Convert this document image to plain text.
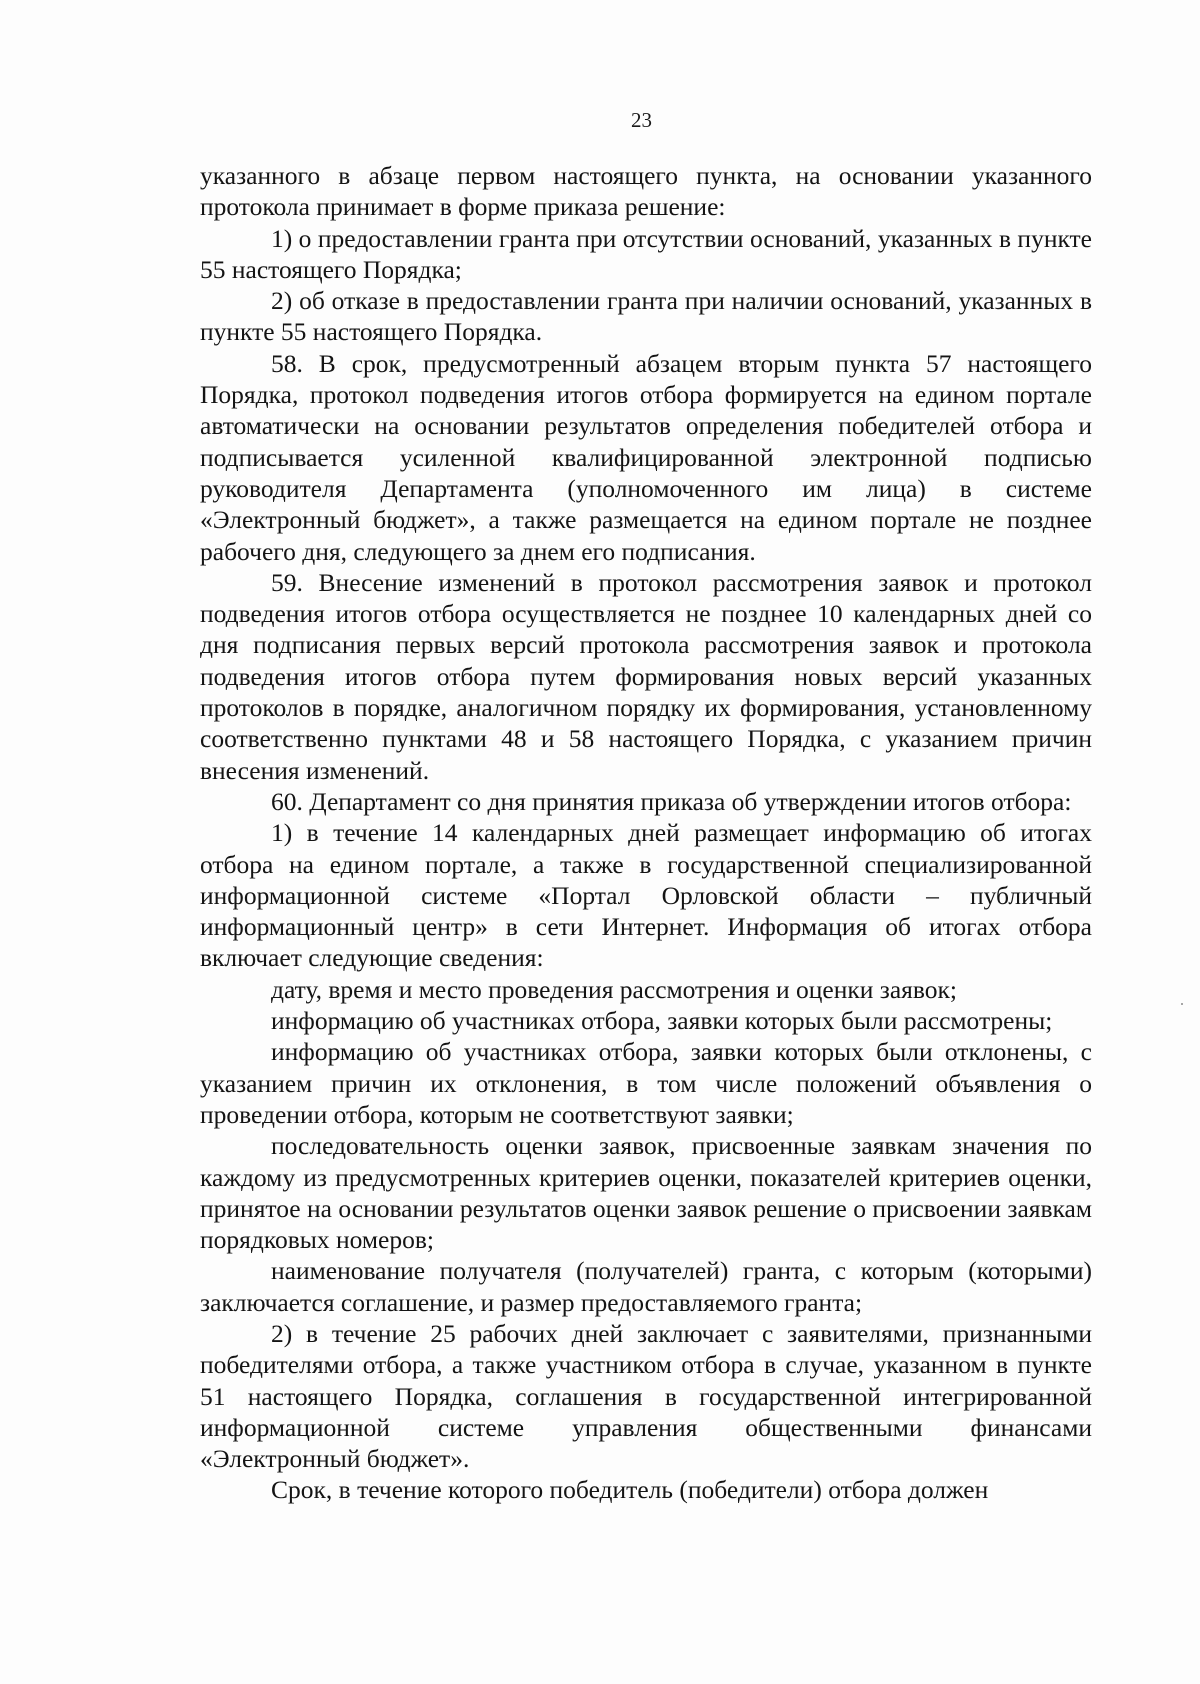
23

указанного в абзаце первом настоящего пункта, на основании указанного протокола принимает в форме приказа решение:

1) о предоставлении гранта при отсутствии оснований, указанных в пункте 55 настоящего Порядка;

2) об отказе в предоставлении гранта при наличии оснований, указанных в пункте 55 настоящего Порядка.

58. В срок, предусмотренный абзацем вторым пункта 57 настоящего Порядка, протокол подведения итогов отбора формируется на едином портале автоматически на основании результатов определения победителей отбора и подписывается усиленной квалифицированной электронной подписью руководителя Департамента (уполномоченного им лица) в системе «Электронный бюджет», а также размещается на едином портале не позднее рабочего дня, следующего за днем его подписания.

59. Внесение изменений в протокол рассмотрения заявок и протокол подведения итогов отбора осуществляется не позднее 10 календарных дней со дня подписания первых версий протокола рассмотрения заявок и протокола подведения итогов отбора путем формирования новых версий указанных протоколов в порядке, аналогичном порядку их формирования, установленному соответственно пунктами 48 и 58 настоящего Порядка, с указанием причин внесения изменений.

60. Департамент со дня принятия приказа об утверждении итогов отбора:

1) в течение 14 календарных дней размещает информацию об итогах отбора на едином портале, а также в государственной специализированной информационной системе «Портал Орловской области – публичный информационный центр» в сети Интернет. Информация об итогах отбора включает следующие сведения:

дату, время и место проведения рассмотрения и оценки заявок;

информацию об участниках отбора, заявки которых были рассмотрены;

информацию об участниках отбора, заявки которых были отклонены, с указанием причин их отклонения, в том числе положений объявления о проведении отбора, которым не соответствуют заявки;

последовательность оценки заявок, присвоенные заявкам значения по каждому из предусмотренных критериев оценки, показателей критериев оценки, принятое на основании результатов оценки заявок решение о присвоении заявкам порядковых номеров;

наименование получателя (получателей) гранта, с которым (которыми) заключается соглашение, и размер предоставляемого гранта;

2) в течение 25 рабочих дней заключает с заявителями, признанными победителями отбора, а также участником отбора в случае, указанном в пункте 51 настоящего Порядка, соглашения в государственной интегрированной информационной системе управления общественными финансами «Электронный бюджет».

Срок, в течение которого победитель (победители) отбора должен
